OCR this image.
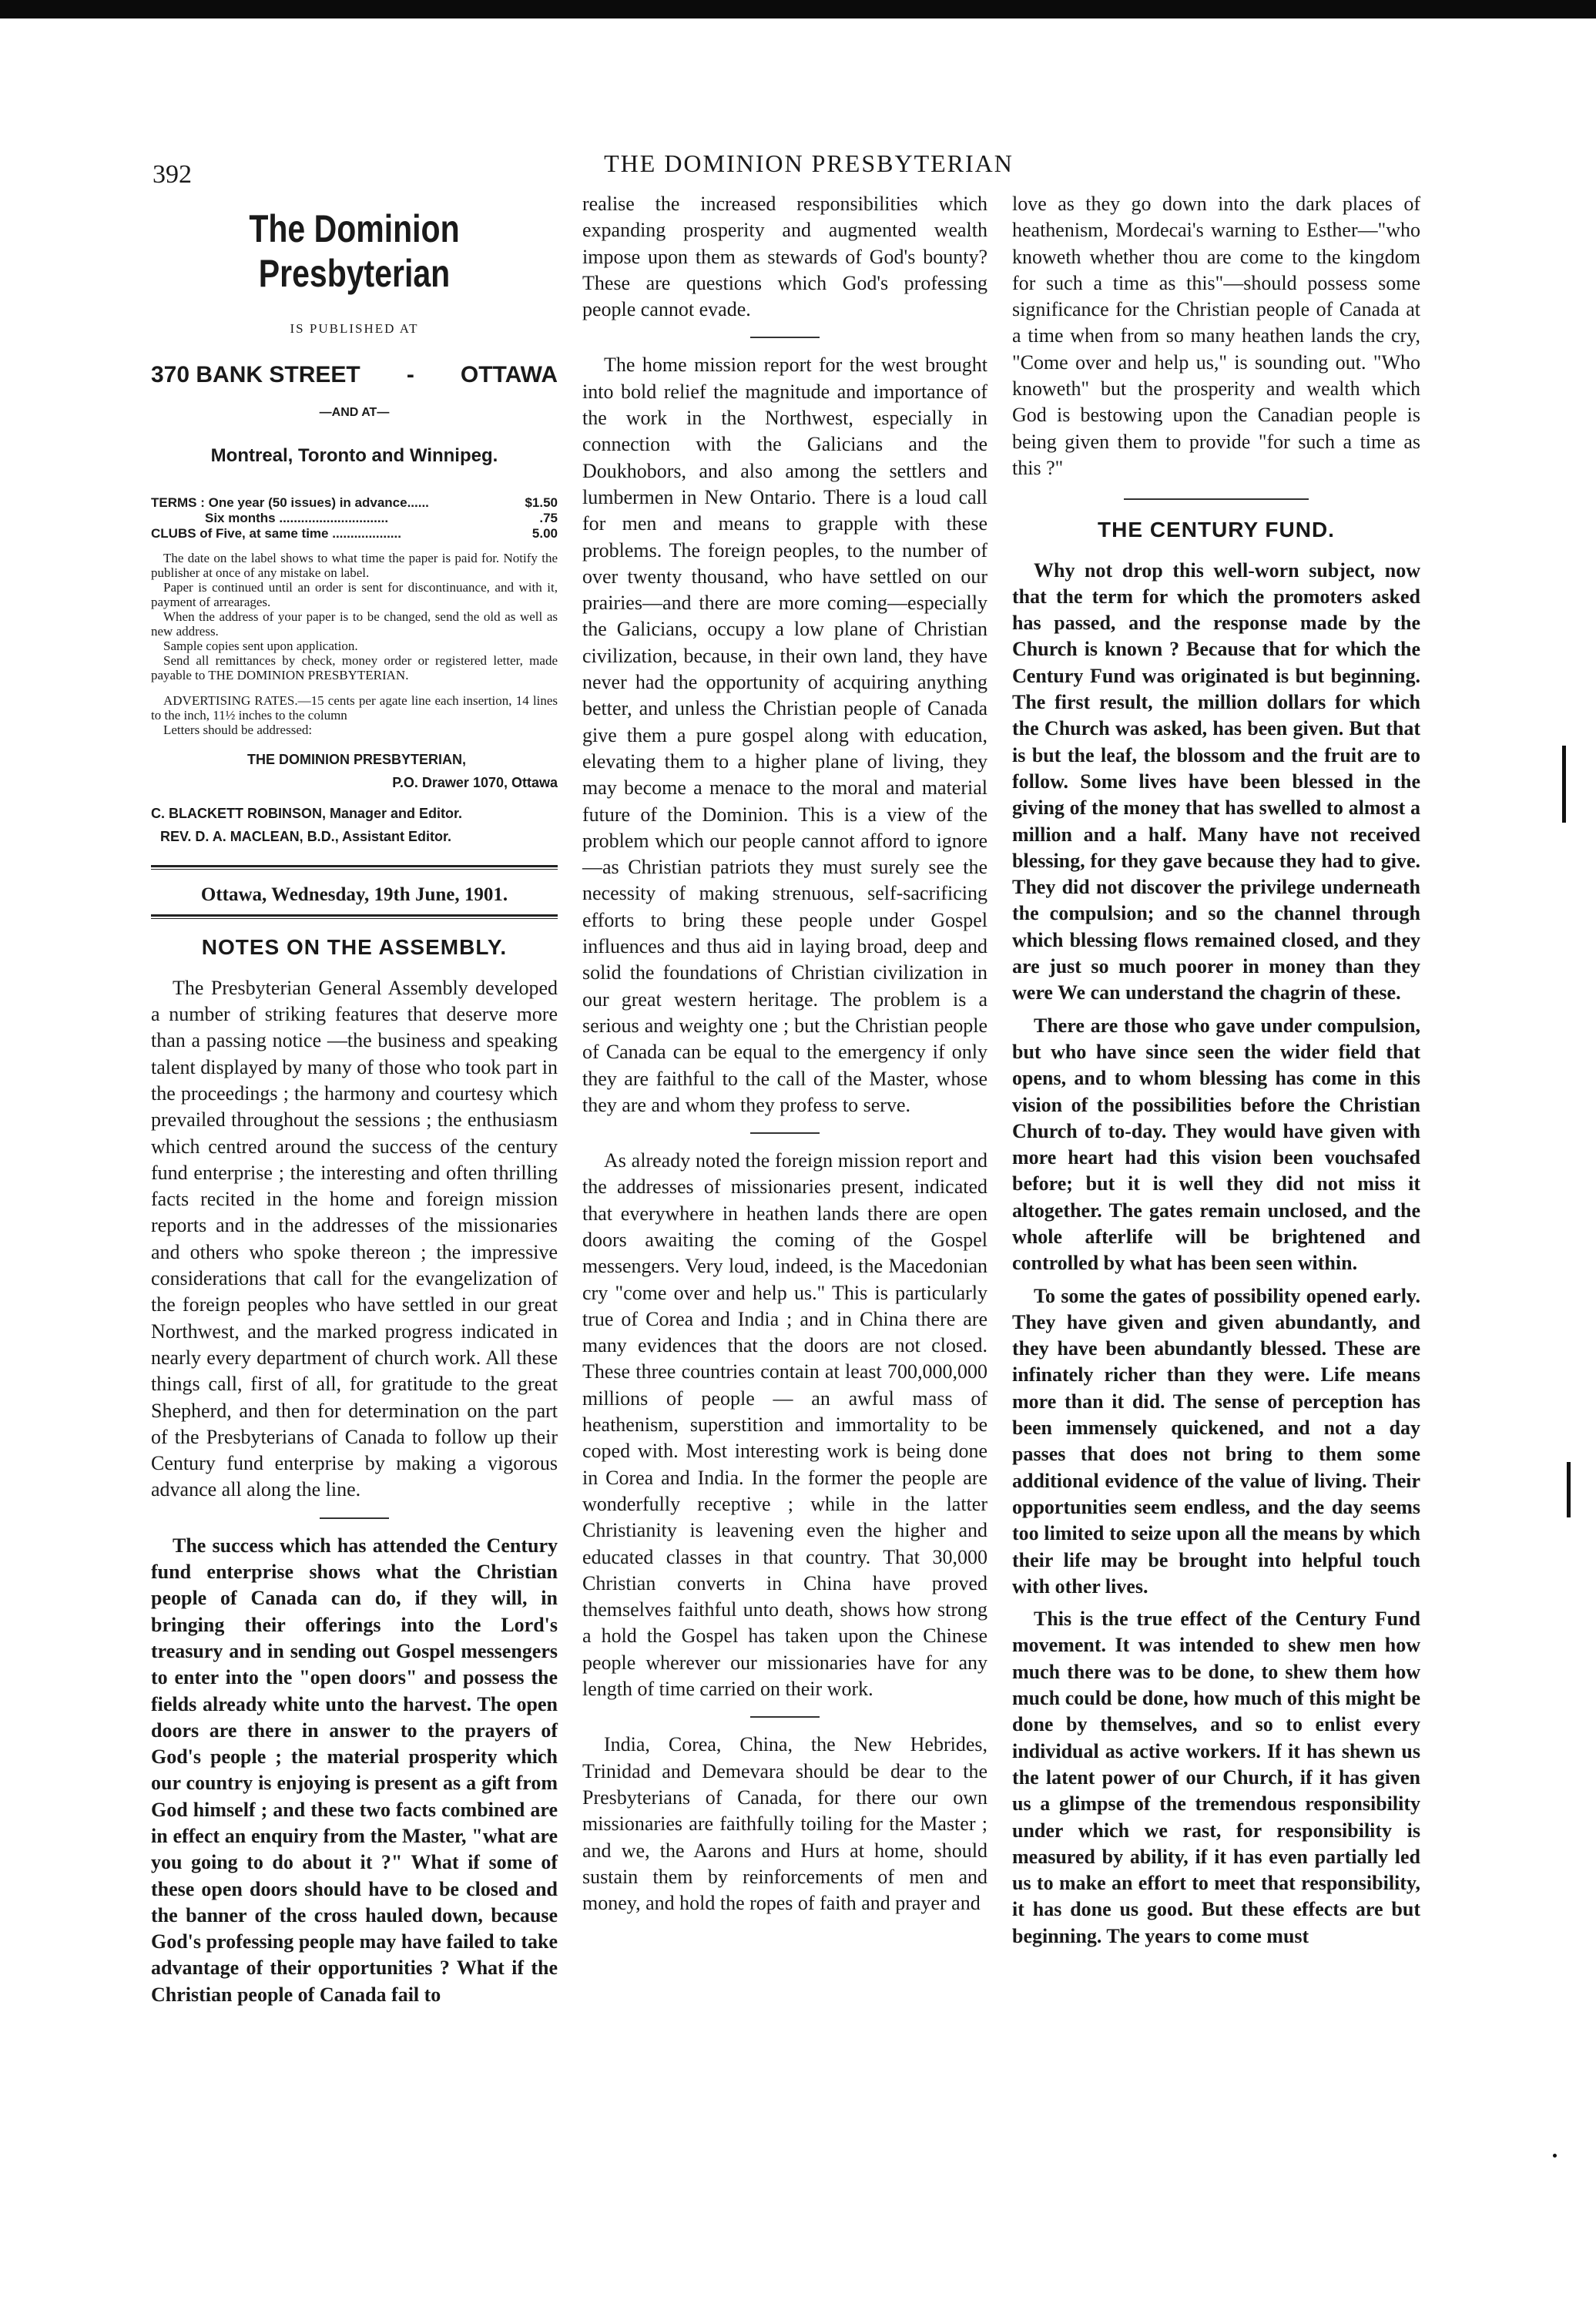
392	THE DOMINION PRESBYTERIAN
The Dominion Presbyterian
IS PUBLISHED AT
370 BANK STREET - OTTAWA
—AND AT—
Montreal, Toronto and Winnipeg.
TERMS : One year (50 issues) in advance......	$1.50
Six months ..............................	.75
CLUBS of Five, at same time ...................	5.00

The date on the label shows to what time the paper is paid for. Notify the publisher at once of any mistake on label.

Paper is continued until an order is sent for discontinuance, and with it, payment of arrearages.

When the address of your paper is to be changed, send the old as well as new address.

Sample copies sent upon application.

Send all remittances by check, money order or registered letter, made payable to THE DOMINION PRESBYTERIAN.

ADVERTISING RATES.—15 cents per agate line each insertion, 14 lines to the inch, 11½ inches to the column

Letters should be addressed:

THE DOMINION PRESBYTERIAN,
P.O. Drawer 1070, Ottawa
C. BLACKETT ROBINSON, Manager and Editor.
REV. D. A. MACLEAN, B.D., Assistant Editor.
Ottawa, Wednesday, 19th June, 1901.
NOTES ON THE ASSEMBLY.

The Presbyterian General Assembly developed a number of striking features that deserve more than a passing notice —the business and speaking talent displayed by many of those who took part in the proceedings ; the harmony and courtesy which prevailed throughout the sessions ; the enthusiasm which centred around the success of the century fund enterprise ; the interesting and often thrilling facts recited in the home and foreign mission reports and in the addresses of the missionaries and others who spoke thereon ; the impressive considerations that call for the evangelization of the foreign peoples who have settled in our great Northwest, and the marked progress indicated in nearly every department of church work. All these things call, first of all, for gratitude to the great Shepherd, and then for determination on the part of the Presbyterians of Canada to follow up their Century fund enterprise by making a vigorous advance all along the line.

The success which has attended the Century fund enterprise shows what the Christian people of Canada can do, if they will, in bringing their offerings into the Lord's treasury and in sending out Gospel messengers to enter into the "open doors" and possess the fields already white unto the harvest. The open doors are there in answer to the prayers of God's people ; the material prosperity which our country is enjoying is present as a gift from God himself ; and these two facts combined are in effect an enquiry from the Master, "what are you going to do about it ?" What if some of these open doors should have to be closed and the banner of the cross hauled down, because God's professing people may have failed to take advantage of their opportunities ? What if the Christian people of Canada fail to

realise the increased responsibilities which expanding prosperity and augmented wealth impose upon them as stewards of God's bounty? These are questions which God's professing people cannot evade.

The home mission report for the west brought into bold relief the magnitude and importance of the work in the Northwest, especially in connection with the Galicians and the Doukhobors, and also among the settlers and lumbermen in New Ontario. There is a loud call for men and means to grapple with these problems. The foreign peoples, to the number of over twenty thousand, who have settled on our prairies—and there are more coming—especially the Galicians, occupy a low plane of Christian civilization, because, in their own land, they have never had the opportunity of acquiring anything better, and unless the Christian people of Canada give them a pure gospel along with education, elevating them to a higher plane of living, they may become a menace to the moral and material future of the Dominion. This is a view of the problem which our people cannot afford to ignore—as Christian patriots they must surely see the necessity of making strenuous, self-sacrificing efforts to bring these people under Gospel influences and thus aid in laying broad, deep and solid the foundations of Christian civilization in our great western heritage. The problem is a serious and weighty one ; but the Christian people of Canada can be equal to the emergency if only they are faithful to the call of the Master, whose they are and whom they profess to serve.

As already noted the foreign mission report and the addresses of missionaries present, indicated that everywhere in heathen lands there are open doors awaiting the coming of the Gospel messengers. Very loud, indeed, is the Macedonian cry "come over and help us." This is particularly true of Corea and India ; and in China there are many evidences that the doors are not closed. These three countries contain at least 700,000,000 millions of people — an awful mass of heathenism, superstition and immortality to be coped with. Most interesting work is being done in Corea and India. In the former the people are wonderfully receptive ; while in the latter Christianity is leavening even the higher and educated classes in that country. That 30,000 Christian converts in China have proved themselves faithful unto death, shows how strong a hold the Gospel has taken upon the Chinese people wherever our missionaries have for any length of time carried on their work.

India, Corea, China, the New Hebrides, Trinidad and Demevara should be dear to the Presbyterians of Canada, for there our own missionaries are faithfully toiling for the Master ; and we, the Aarons and Hurs at home, should sustain them by reinforcements of men and money, and hold the ropes of faith and prayer and

love as they go down into the dark places of heathenism, Mordecai's warning to Esther—"who knoweth whether thou are come to the kingdom for such a time as this"—should possess some significance for the Christian people of Canada at a time when from so many heathen lands the cry, "Come over and help us," is sounding out. "Who knoweth" but the prosperity and wealth which God is bestowing upon the Canadian people is being given them to provide "for such a time as this ?"

THE CENTURY FUND.

Why not drop this well-worn subject, now that the term for which the promoters asked has passed, and the response made by the Church is known ? Because that for which the Century Fund was originated is but beginning. The first result, the million dollars for which the Church was asked, has been given. But that is but the leaf, the blossom and the fruit are to follow. Some lives have been blessed in the giving of the money that has swelled to almost a million and a half. Many have not received blessing, for they gave because they had to give. They did not discover the privilege underneath the compulsion; and so the channel through which blessing flows remained closed, and they are just so much poorer in money than they were We can understand the chagrin of these.

There are those who gave under compulsion, but who have since seen the wider field that opens, and to whom blessing has come in this vision of the possibilities before the Christian Church of to-day. They would have given with more heart had this vision been vouchsafed before; but it is well they did not miss it altogether. The gates remain unclosed, and the whole afterlife will be brightened and controlled by what has been seen within.

To some the gates of possibility opened early. They have given and given abundantly, and they have been abundantly blessed. These are infinately richer than they were. Life means more than it did. The sense of perception has been immensely quickened, and not a day passes that does not bring to them some additional evidence of the value of living. Their opportunities seem endless, and the day seems too limited to seize upon all the means by which their life may be brought into helpful touch with other lives.

This is the true effect of the Century Fund movement. It was intended to shew men how much there was to be done, to shew them how much could be done, how much of this might be done by themselves, and so to enlist every individual as active workers. If it has shewn us the latent power of our Church, if it has given us a glimpse of the tremendous responsibility under which we rast, for responsibility is measured by ability, if it has even partially led us to make an effort to meet that responsibility, it has done us good. But these effects are but beginning. The years to come must
